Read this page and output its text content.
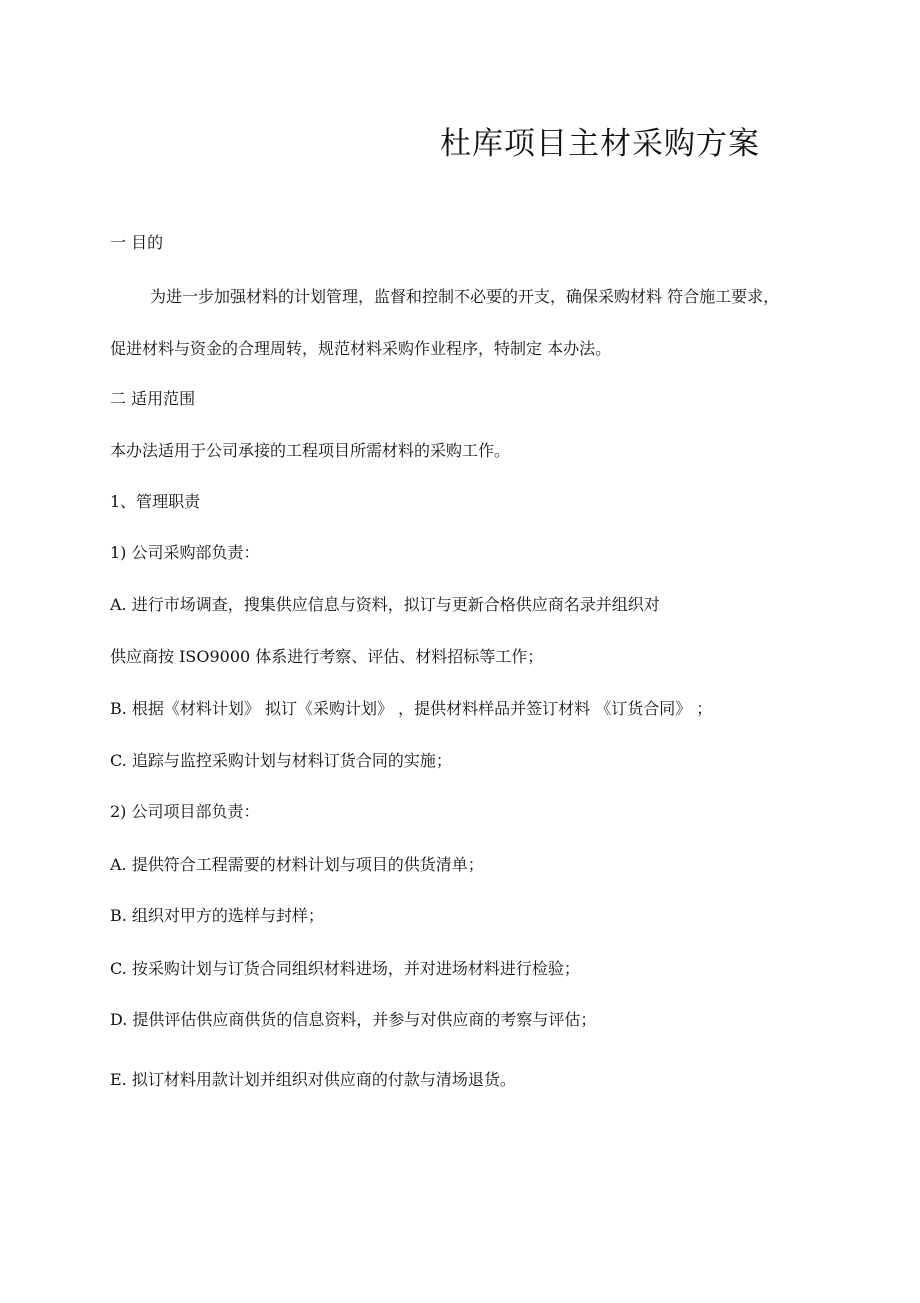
杜库项目主材采购方案

一 目的

为进一步加强材料的计划管理，监督和控制不必要的开支，确保采购材料 符合施工要求，

促进材料与资金的合理周转，规范材料采购作业程序，特制定 本办法。

二 适用范围

本办法适用于公司承接的工程项目所需材料的采购工作。

1、管理职责

1) 公司采购部负责：

A. 进行市场调查，搜集供应信息与资料，拟订与更新合格供应商名录并组织对

供应商按 ISO9000 体系进行考察、评估、材料招标等工作；

B. 根据《材料计划》 拟订《采购计划》 ，提供材料样品并签订材料 《订货合同》 ；

C. 追踪与监控采购计划与材料订货合同的实施；

2) 公司项目部负责：

A. 提供符合工程需要的材料计划与项目的供货清单；

B. 组织对甲方的选样与封样；

C. 按采购计划与订货合同组织材料进场，并对进场材料进行检验；

D. 提供评估供应商供货的信息资料，并参与对供应商的考察与评估；

E. 拟订材料用款计划并组织对供应商的付款与清场退货。
